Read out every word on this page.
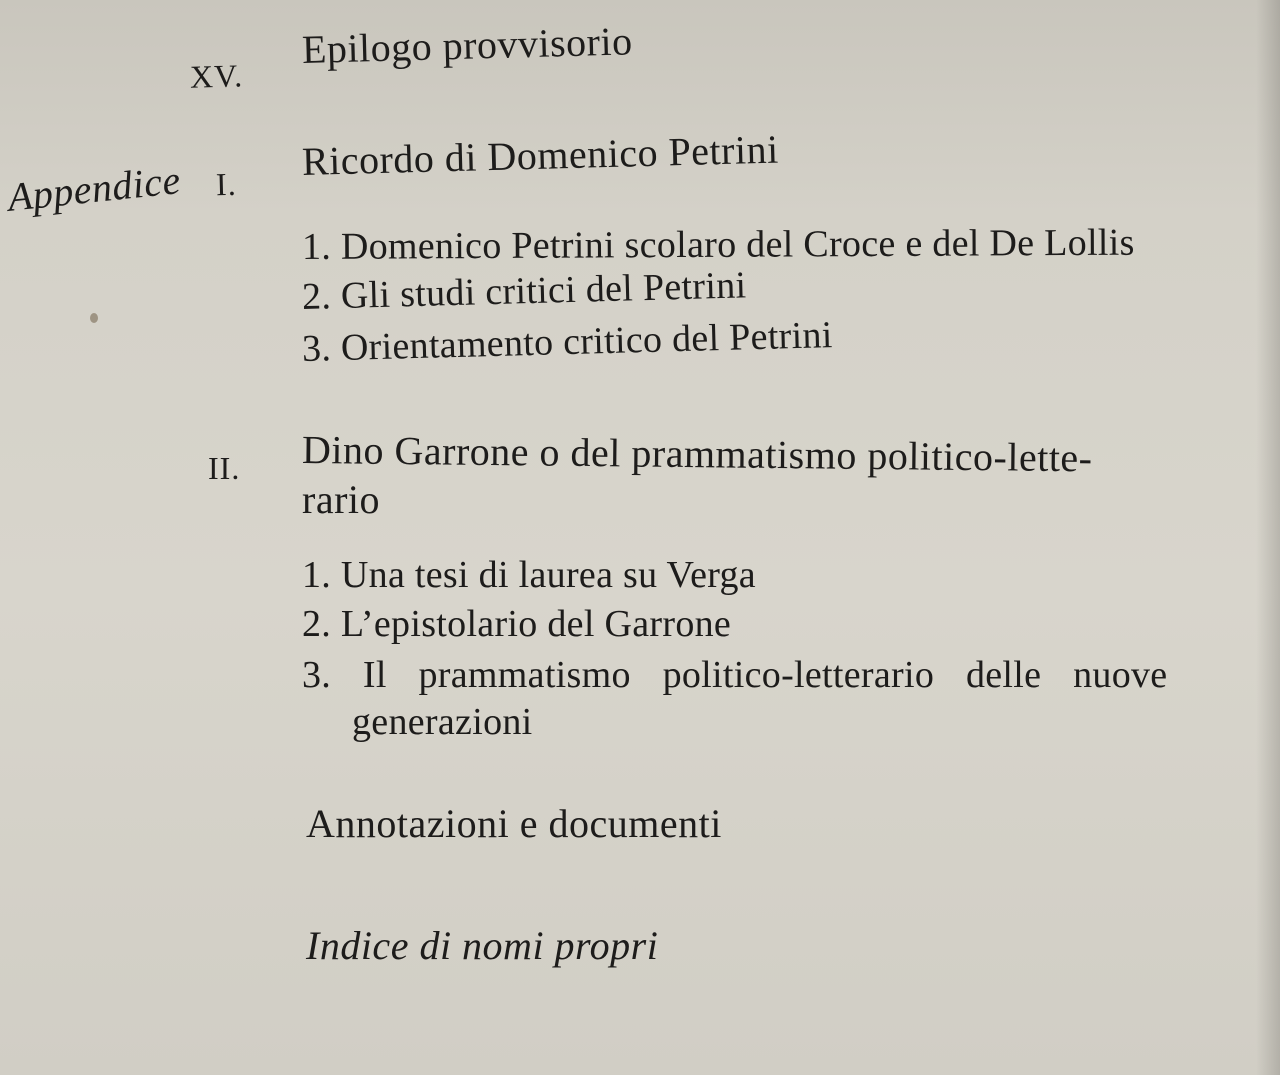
XV.
Epilogo provvisorio
Appendice I.
Ricordo di Domenico Petrini
1. Domenico Petrini scolaro del Croce e del De Lollis
2. Gli studi critici del Petrini
3. Orientamento critico del Petrini
II. Dino Garrone o del prammatismo politico-lette-
rario
1. Una tesi di laurea su Verga
2. L’epistolario del Garrone
3. Il prammatismo politico-letterario delle nuove
generazioni
Annotazioni e documenti
Indice di nomi propri
